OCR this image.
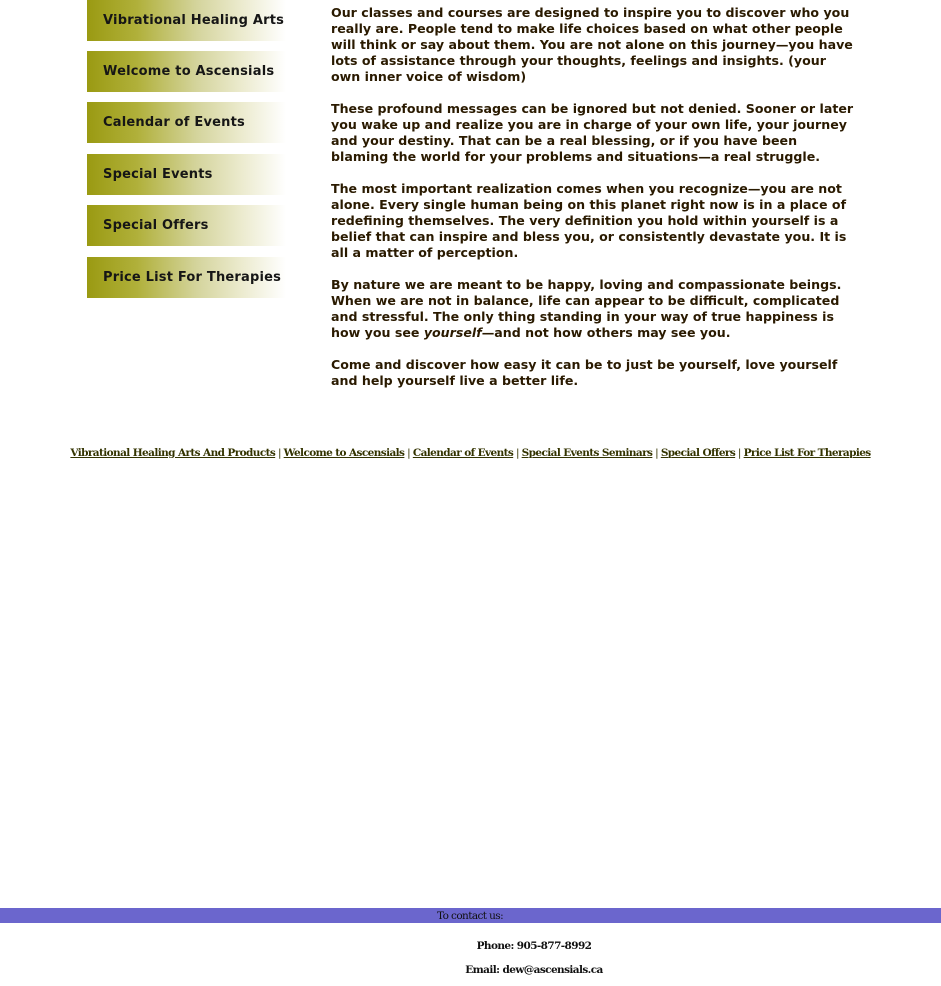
Vibrational Healing Arts
Welcome to Ascensials
Calendar of Events
Special Events
Special Offers
Price List For Therapies

Our classes and courses are designed to inspire you to discover who you really are. People tend to make life choices based on what other people will think or say about them. You are not alone on this journey—you have lots of assistance through your thoughts, feelings and insights. (your own inner voice of wisdom)

These profound messages can be ignored but not denied. Sooner or later you wake up and realize you are in charge of your own life, your journey and your destiny. That can be a real blessing, or if you have been blaming the world for your problems and situations—a real struggle.

The most important realization comes when you recognize—you are not alone. Every single human being on this planet right now is in a place of redefining themselves. The very definition you hold within yourself is a belief that can inspire and bless you, or consistently devastate you. It is all a matter of perception.

By nature we are meant to be happy, loving and compassionate beings. When we are not in balance, life can appear to be difficult, complicated and stressful. The only thing standing in your way of true happiness is how you see yourself—and not how others may see you.

Come and discover how easy it can be to just be yourself, love yourself and help yourself live a better life.

Vibrational Healing Arts And Products | Welcome to Ascensials | Calendar of Events | Special Events Seminars | Special Offers | Price List For Therapies
To contact us:
Phone: 905-877-8992
Email: dew@ascensials.ca
